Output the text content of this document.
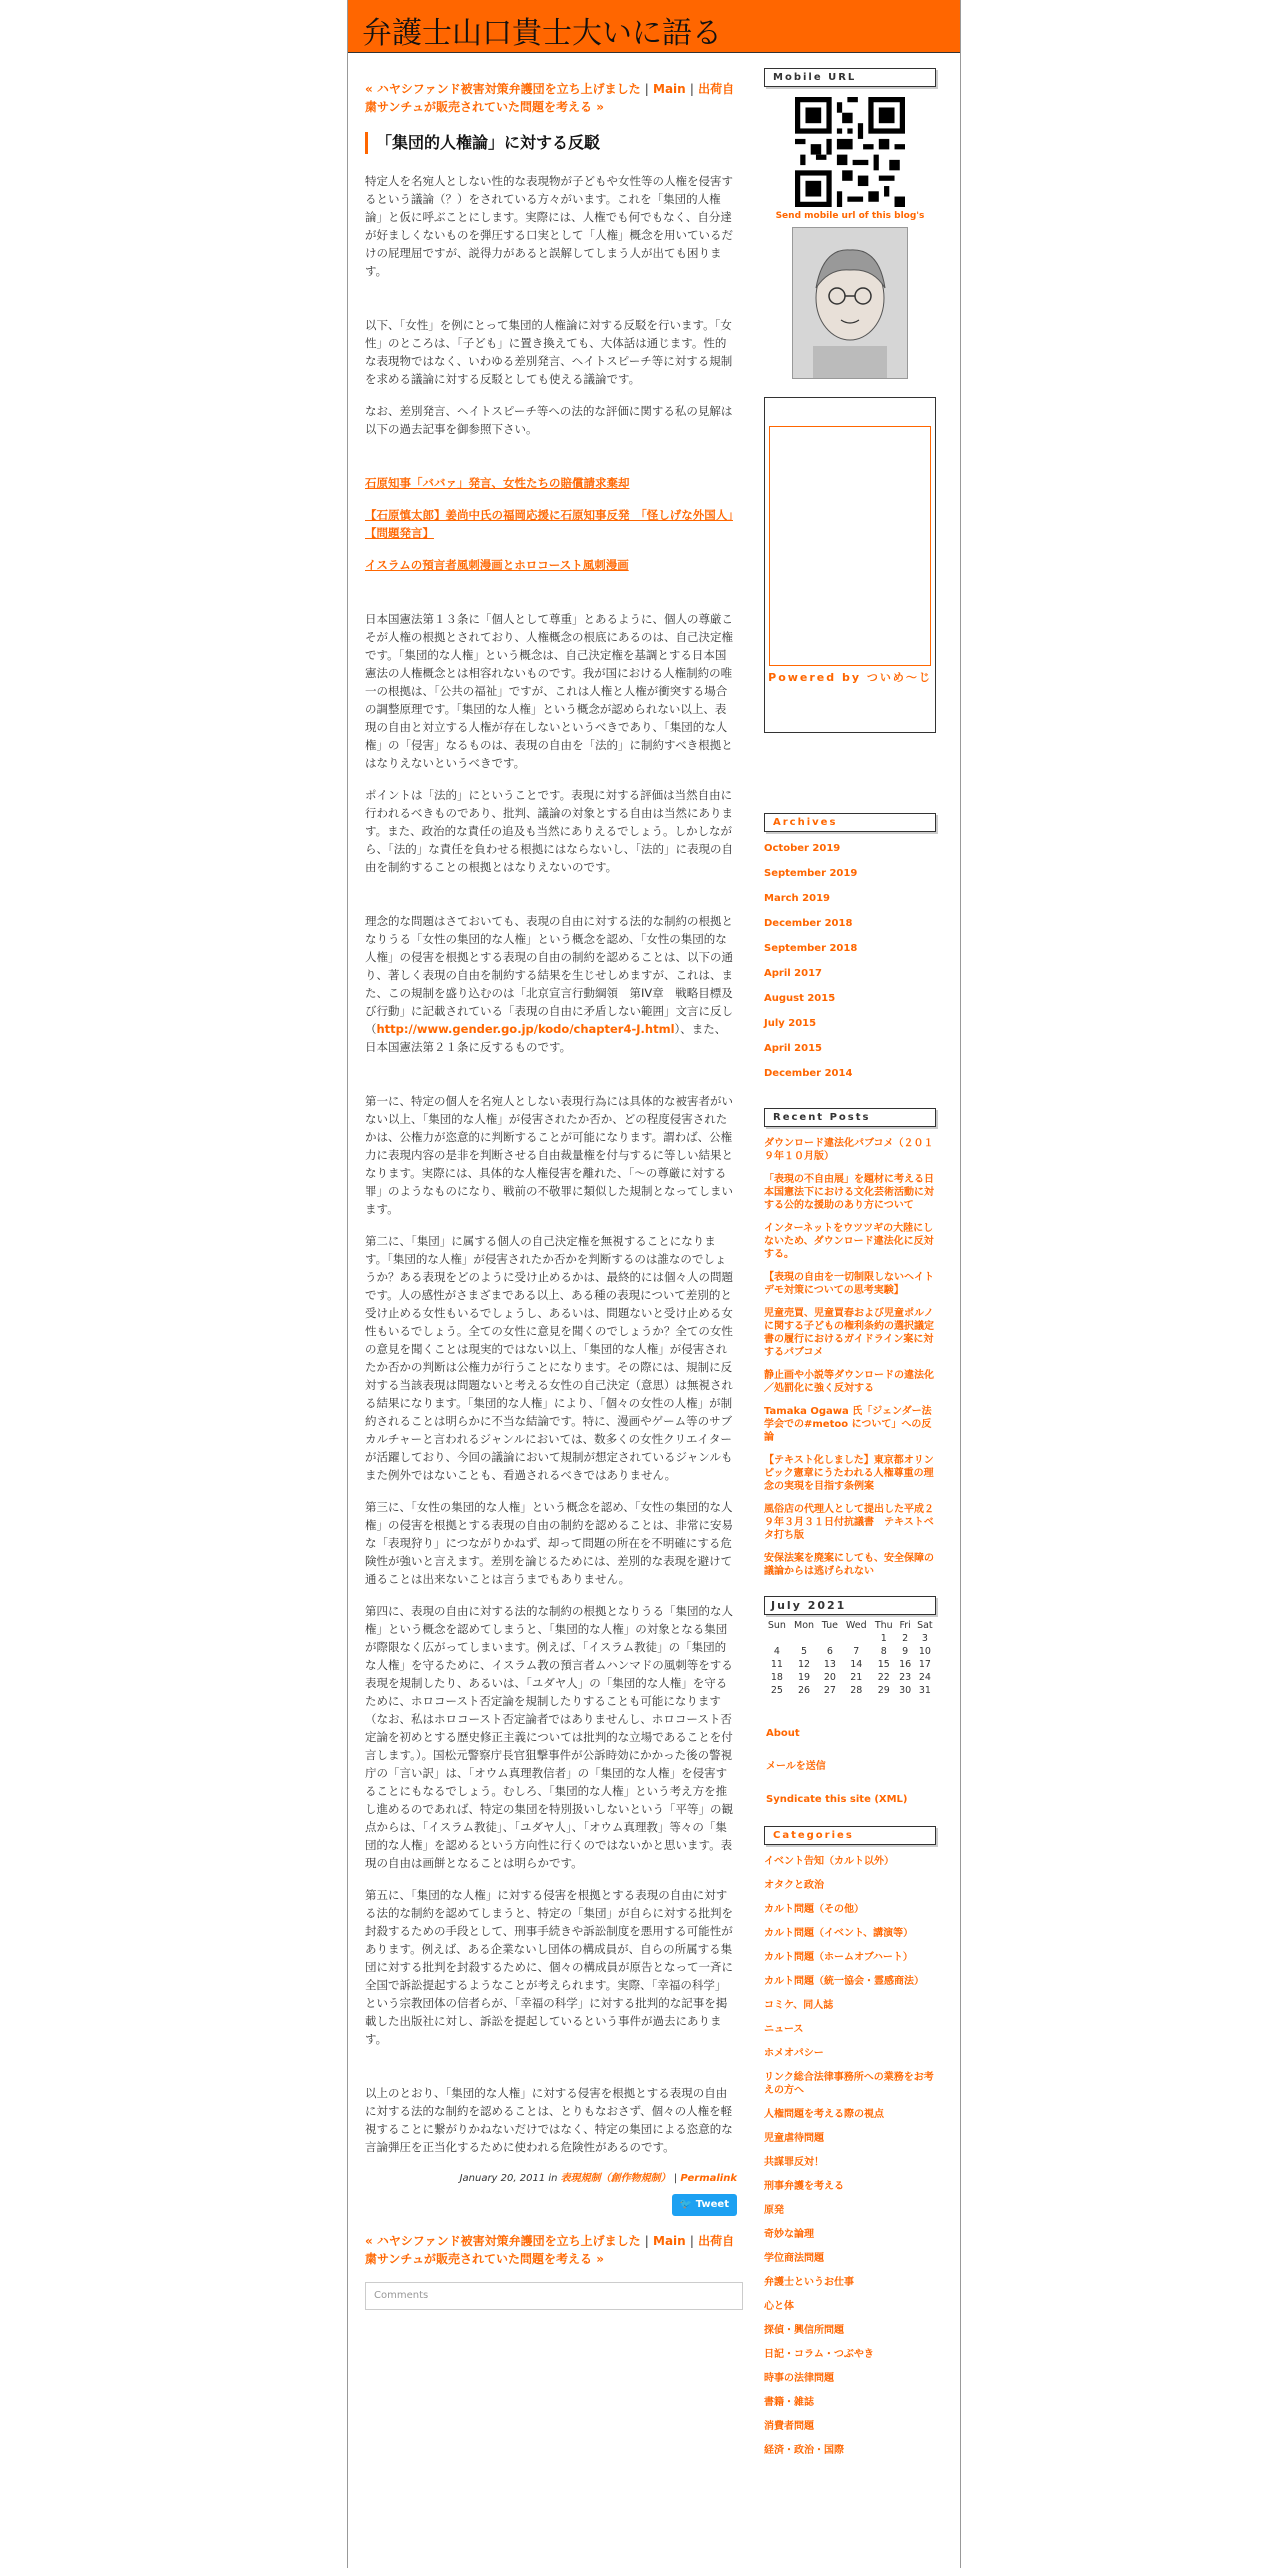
弁護士山口貴士大いに語る
« ハヤシファンド被害対策弁護団を立ち上げました | Main | 出荷自粛サンチュが販売されていた問題を考える »
「集団的人権論」に対する反駁

特定人を名宛人としない性的な表現物が子どもや女性等の人権を侵害するという議論（？）をされている方々がいます。これを「集団的人権論」と仮に呼ぶことにします。実際には、人権でも何でもなく、自分達が好ましくないものを弾圧する口実として「人権」概念を用いているだけの屁理屈ですが、説得力があると誤解してしまう人が出ても困ります。

以下、「女性」を例にとって集団的人権論に対する反駁を行います。「女性」のところは、「子ども」に置き換えても、大体話は通じます。性的な表現物ではなく、いわゆる差別発言、ヘイトスピーチ等に対する規制を求める議論に対する反駁としても使える議論です。

なお、差別発言、ヘイトスピーチ等への法的な評価に関する私の見解は以下の過去記事を御参照下さい。

石原知事「ババァ」発言、女性たちの賠償請求棄却

【石原慎太郎】姜尚中氏の福岡応援に石原知事反発　「怪しげな外国人」【問題発言】

イスラムの預言者風刺漫画とホロコースト風刺漫画

日本国憲法第１３条に「個人として尊重」とあるように、個人の尊厳こそが人権の根拠とされており、人権概念の根底にあるのは、自己決定権です。「集団的な人権」という概念は、自己決定権を基調とする日本国憲法の人権概念とは相容れないものです。我が国における人権制約の唯一の根拠は、「公共の福祉」ですが、これは人権と人権が衝突する場合の調整原理です。「集団的な人権」という概念が認められない以上、表現の自由と対立する人権が存在しないというべきであり、「集団的な人権」の「侵害」なるものは、表現の自由を「法的」に制約すべき根拠とはなりえないというべきです。

ポイントは「法的」にということです。表現に対する評価は当然自由に行われるべきものであり、批判、議論の対象とする自由は当然にあります。また、政治的な責任の追及も当然にありえるでしょう。しかしながら、「法的」な責任を負わせる根拠にはならないし、「法的」に表現の自由を制約することの根拠とはなりえないのです。

理念的な問題はさておいても、表現の自由に対する法的な制約の根拠となりうる「女性の集団的な人権」という概念を認め、「女性の集団的な人権」の侵害を根拠とする表現の自由の制約を認めることは、以下の通り、著しく表現の自由を制約する結果を生じせしめますが、これは、また、この規制を盛り込むのは「北京宣言行動綱領　第IV章　戦略目標及び行動」に記載されている「表現の自由に矛盾しない範囲」文言に反し（http://www.gender.go.jp/kodo/chapter4-J.html）、また、日本国憲法第２１条に反するものです。

第一に、特定の個人を名宛人としない表現行為には具体的な被害者がいない以上、「集団的な人権」が侵害されたか否か、どの程度侵害されたかは、公権力が恣意的に判断することが可能になります。謂わば、公権力に表現内容の是非を判断させる自由裁量権を付与するに等しい結果となります。実際には、具体的な人権侵害を離れた、「～の尊厳に対する罪」のようなものになり、戦前の不敬罪に類似した規制となってしまいます。

第二に、「集団」に属する個人の自己決定権を無視することになります。「集団的な人権」が侵害されたか否かを判断するのは誰なのでしょうか？ある表現をどのように受け止めるかは、最終的には個々人の問題です。人の感性がさまざまである以上、ある種の表現について差別的と受け止める女性もいるでしょうし、あるいは、問題ないと受け止める女性もいるでしょう。全ての女性に意見を聞くのでしょうか？全ての女性の意見を聞くことは現実的ではない以上、「集団的な人権」が侵害されたか否かの判断は公権力が行うことになります。その際には、規制に反対する当該表現は問題ないと考える女性の自己決定（意思）は無視される結果になります。「集団的な人権」により、「個々の女性の人権」が制約されることは明らかに不当な結論です。特に、漫画やゲーム等のサブカルチャーと言われるジャンルにおいては、数多くの女性クリエイターが活躍しており、今回の議論において規制が想定されているジャンルもまた例外ではないことも、看過されるべきではありません。

第三に、「女性の集団的な人権」という概念を認め、「女性の集団的な人権」の侵害を根拠とする表現の自由の制約を認めることは、非常に安易な「表現狩り」につながりかねず、却って問題の所在を不明確にする危険性が強いと言えます。差別を論じるためには、差別的な表現を避けて通ることは出来ないことは言うまでもありません。

第四に、表現の自由に対する法的な制約の根拠となりうる「集団的な人権」という概念を認めてしまうと、「集団的な人権」の対象となる集団が際限なく広がってしまいます。例えば、「イスラム教徒」の「集団的な人権」を守るために、イスラム教の預言者ムハンマドの風刺等をする表現を規制したり、あるいは、「ユダヤ人」の「集団的な人権」を守るために、ホロコースト否定論を規制したりすることも可能になります（なお、私はホロコースト否定論者ではありませんし、ホロコースト否定論を初めとする歴史修正主義については批判的な立場であることを付言します。）。国松元警察庁長官狙撃事件が公訴時効にかかった後の警視庁の「言い訳」は、「オウム真理教信者」の「集団的な人権」を侵害することにもなるでしょう。むしろ、「集団的な人権」という考え方を推し進めるのであれば、特定の集団を特別扱いしないという「平等」の観点からは、「イスラム教徒」、「ユダヤ人」、「オウム真理教」等々の「集団的な人権」を認めるという方向性に行くのではないかと思います。表現の自由は画餅となることは明らかです。

第五に、「集団的な人権」に対する侵害を根拠とする表現の自由に対する法的な制約を認めてしまうと、特定の「集団」が自らに対する批判を封殺するための手段として、刑事手続きや訴訟制度を悪用する可能性があります。例えば、ある企業ないし団体の構成員が、自らの所属する集団に対する批判を封殺するために、個々の構成員が原告となって一斉に全国で訴訟提起するようなことが考えられます。実際、「幸福の科学」という宗教団体の信者らが、「幸福の科学」に対する批判的な記事を掲載した出版社に対し、訴訟を提起しているという事件が過去にあります。

以上のとおり、「集団的な人権」に対する侵害を根拠とする表現の自由に対する法的な制約を認めることは、とりもなおさず、個々の人権を軽視することに繋がりかねないだけではなく、特定の集団による恣意的な言論弾圧を正当化するために使われる危険性があるのです。

January 20, 2011 in 表現規制（創作物規制） | Permalink

🐦 Tweet
« ハヤシファンド被害対策弁護団を立ち上げました | Main | 出荷自粛サンチュが販売されていた問題を考える »
Comments
Mobile URL
Send mobile url of this blog's
Powered by ついめ～じ
Archives
October 2019
September 2019
March 2019
December 2018
September 2018
April 2017
August 2015
July 2015
April 2015
December 2014
Recent Posts
ダウンロード違法化パブコメ（２０１９年１０月版）
「表現の不自由展」を題材に考える日本国憲法下における文化芸術活動に対する公的な援助のあり方について
インターネットをウツツギの大陸にしないため、ダウンロード違法化に反対する。
【表現の自由を一切制限しないヘイトデモ対策についての思考実験】
児童売買、児童買春および児童ポルノに関する子どもの権利条約の選択議定書の履行におけるガイドライン案に対するパブコメ
静止画や小説等ダウンロードの違法化／処罰化に強く反対する
Tamaka Ogawa 氏「ジェンダー法学会での#metoo について」への反論
【テキスト化しました】東京都オリンピック憲章にうたわれる人権尊重の理念の実現を目指す条例案
風俗店の代理人として提出した平成２９年３月３１日付抗議書　テキストベタ打ち版
安保法案を廃案にしても、安全保障の議論からは逃げられない
July 2021
Sun	Mon	Tue	Wed	Thu	Fri	Sat
				1	2	3
4	5	6	7	8	9	10
11	12	13	14	15	16	17
18	19	20	21	22	23	24
25	26	27	28	29	30	31
About
メールを送信
Syndicate this site (XML)
Categories
イベント告知（カルト以外）
オタクと政治
カルト問題（その他）
カルト問題（イベント、講演等）
カルト問題（ホームオブハート）
カルト問題（統一協会・霊感商法）
コミケ、同人誌
ニュース
ホメオパシー
リンク総合法律事務所への業務をお考えの方へ
人権問題を考える際の視点
児童虐待問題
共謀罪反対！
刑事弁護を考える
原発
奇妙な論理
学位商法問題
弁護士というお仕事
心と体
探偵・興信所問題
日記・コラム・つぶやき
時事の法律問題
書籍・雑誌
消費者問題
経済・政治・国際
